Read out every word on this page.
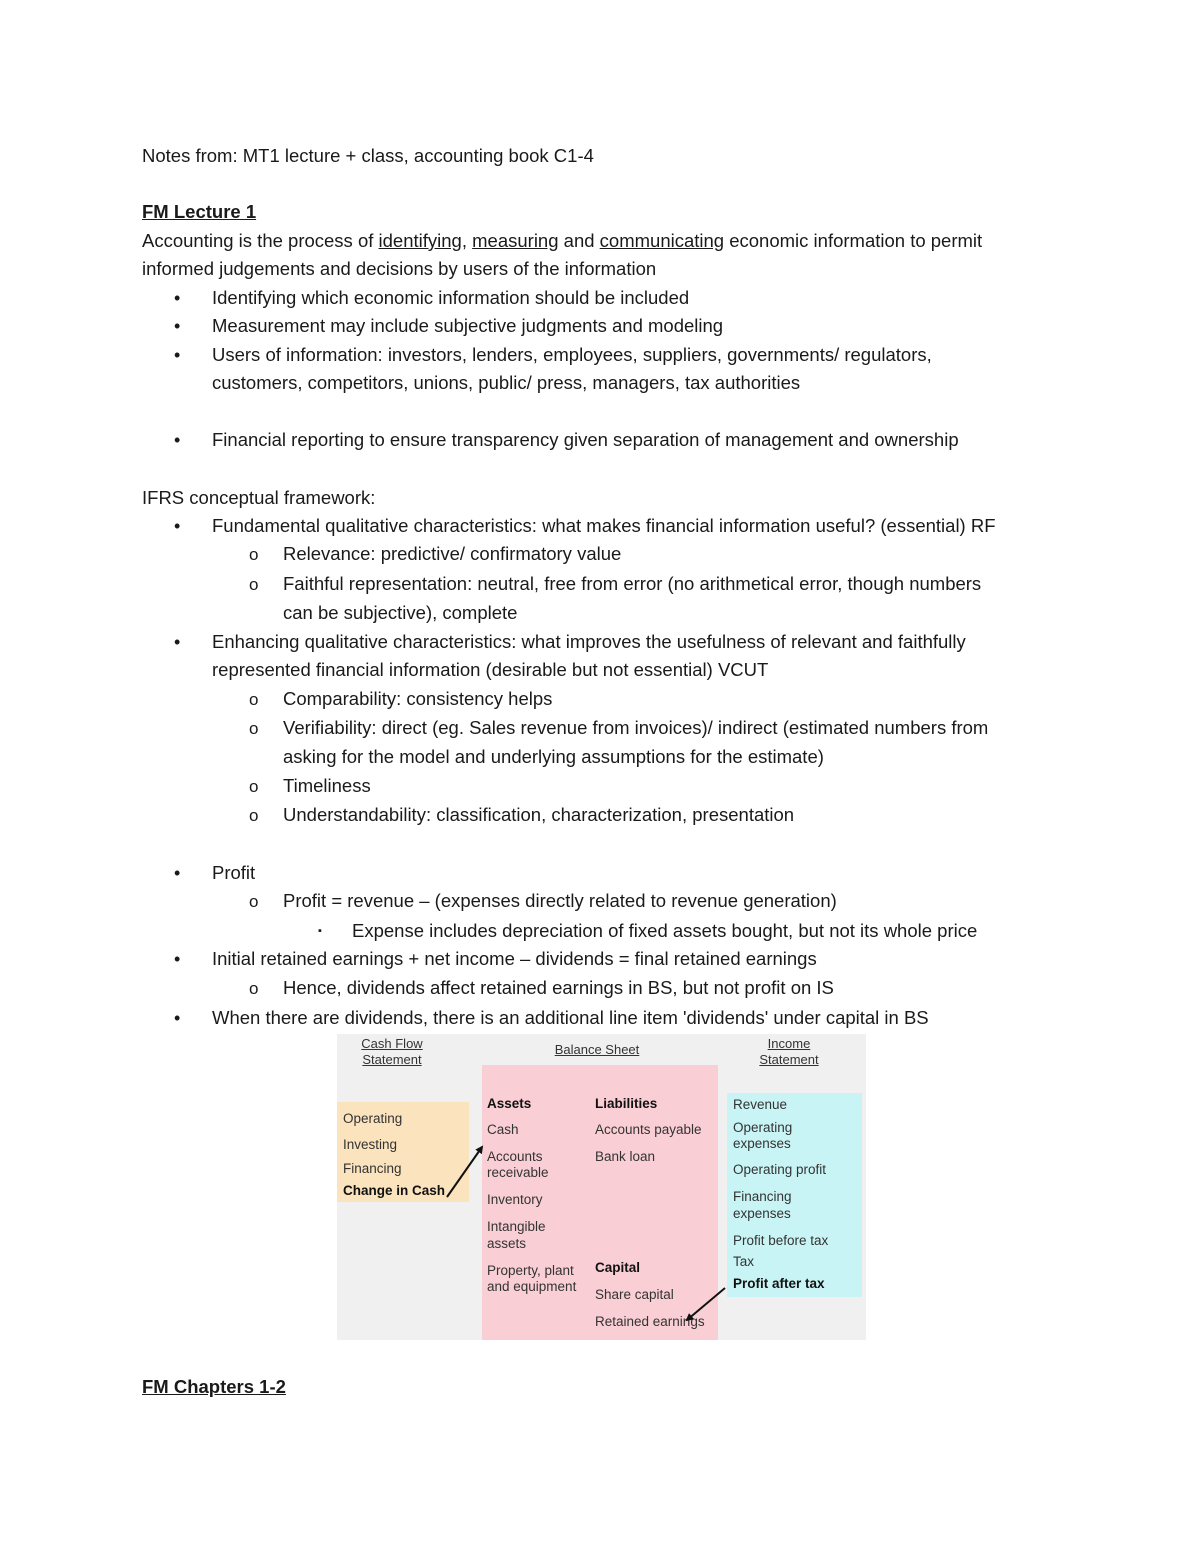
Notes from: MT1 lecture + class, accounting book C1-4

FM Lecture 1

Accounting is the process of identifying, measuring and communicating economic information to permit

informed judgements and decisions by users of the information

• Identifying which economic information should be included

• Measurement may include subjective judgments and modeling

• Users of information: investors, lenders, employees, suppliers, governments/ regulators,

customers, competitors, unions, public/ press, managers, tax authorities

• Financial reporting to ensure transparency given separation of management and ownership

IFRS conceptual framework:

• Fundamental qualitative characteristics: what makes financial information useful? (essential) RF

o Relevance: predictive/ confirmatory value

o Faithful representation: neutral, free from error (no arithmetical error, though numbers

can be subjective), complete

• Enhancing qualitative characteristics: what improves the usefulness of relevant and faithfully

represented financial information (desirable but not essential) VCUT

o Comparability: consistency helps

o Verifiability: direct (eg. Sales revenue from invoices)/ indirect (estimated numbers from

asking for the model and underlying assumptions for the estimate)

o Timeliness

o Understandability: classification, characterization, presentation

• Profit

o Profit = revenue – (expenses directly related to revenue generation)

▪ Expense includes depreciation of fixed assets bought, but not its whole price

• Initial retained earnings + net income – dividends = final retained earnings

o Hence, dividends affect retained earnings in BS, but not profit on IS

• When there are dividends, there is an additional line item 'dividends' under capital in BS

Cash Flow
Statement
Balance Sheet	Income
Statement
Operating
Investing
Financing
Change in Cash
Assets
Cash
Accounts
receivable
Inventory
Intangible
assets
Property, plant
and equipment
Liabilities
Accounts payable
Bank loan
Capital
Share capital
Retained earnings
Revenue
Operating
expenses
Operating profit
Financing
expenses
Profit before tax
Tax
Profit after tax

FM Chapters 1-2
